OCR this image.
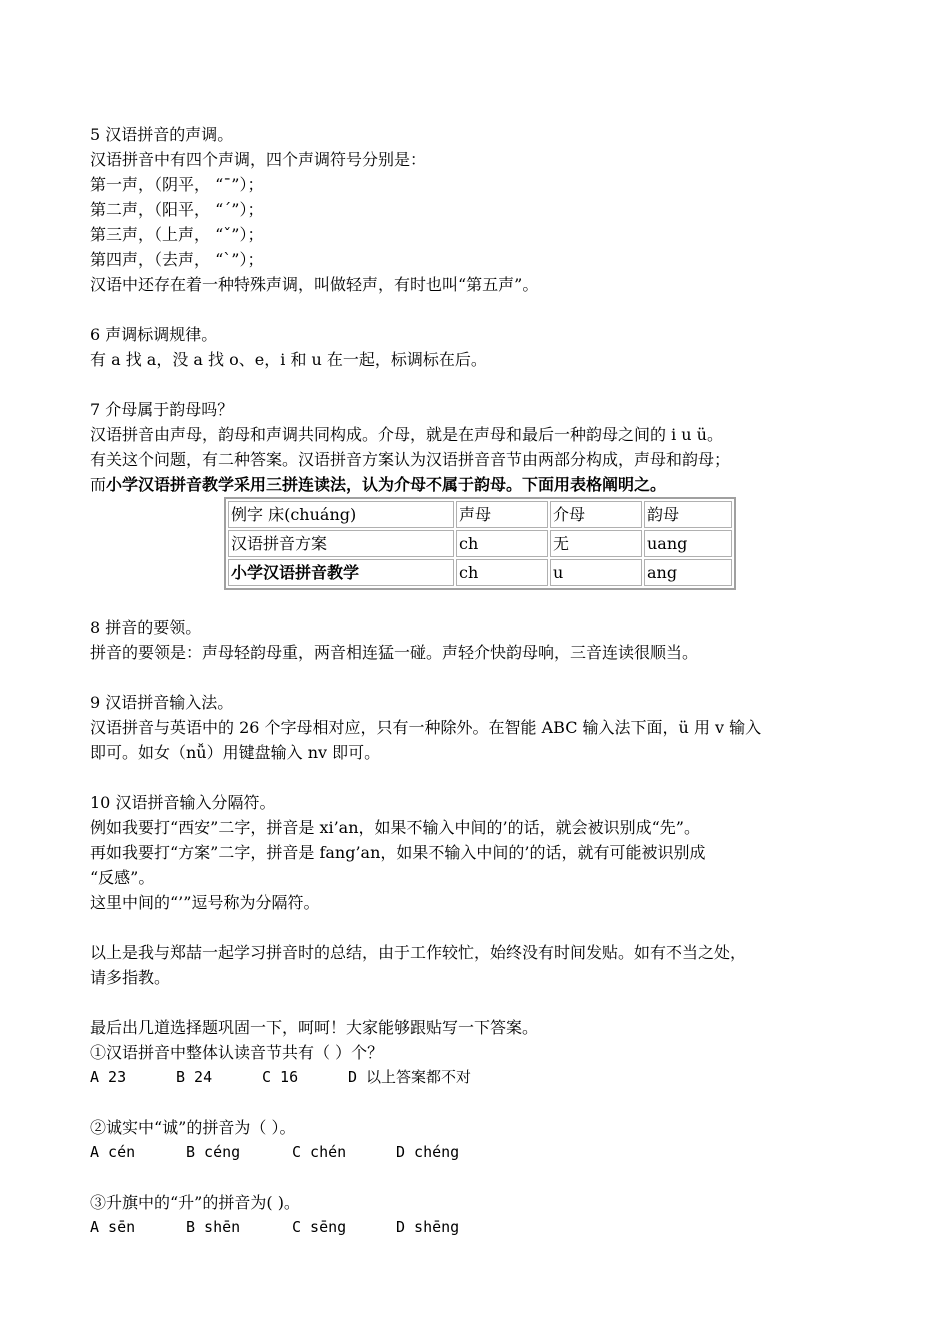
5 汉语拼音的声调。
汉语拼音中有四个声调，四个声调符号分别是：
第一声，（阴平， “ˉ”）；
第二声，（阳平， “ˊ”）；
第三声，（上声， “ˇ”）；
第四声，（去声， “ˋ”）；
汉语中还存在着一种特殊声调，叫做轻声，有时也叫“第五声”。
6 声调标调规律。
有 a 找 a，没 a 找 o、e，i 和 u 在一起，标调标在后。
7 介母属于韵母吗？
汉语拼音由声母，韵母和声调共同构成。介母，就是在声母和最后一种韵母之间的 i u ü。
有关这个问题，有二种答案。汉语拼音方案认为汉语拼音音节由两部分构成，声母和韵母；
而小学汉语拼音教学采用三拼连读法，认为介母不属于韵母。下面用表格阐明之。
例字 床(chuáng)	声母	介母	韵母
汉语拼音方案	ch	无	uang
小学汉语拼音教学	ch	u	ang
8 拼音的要领。
拼音的要领是：声母轻韵母重，两音相连猛一碰。声轻介快韵母响，三音连读很顺当。
9 汉语拼音输入法。
汉语拼音与英语中的 26 个字母相对应，只有一种除外。在智能 ABC 输入法下面，ü 用 v 输入
即可。如女（nǚ）用键盘输入 nv 即可。
10 汉语拼音输入分隔符。
例如我要打“西安”二字，拼音是 xi’an，如果不输入中间的’的话，就会被识别成“先”。
再如我要打“方案”二字，拼音是 fang’an，如果不输入中间的’的话，就有可能被识别成
“反感”。
这里中间的“’”逗号称为分隔符。
以上是我与郑喆一起学习拼音时的总结，由于工作较忙，始终没有时间发贴。如有不当之处，
请多指教。
最后出几道选择题巩固一下，呵呵！大家能够跟贴写一下答案。
①汉语拼音中整体认读音节共有（ ）个？
A 23	B 24	C 16	D 以上答案都不对
②诚实中“诚”的拼音为（ ）。
A cén	B céng	C chén	D chéng
③升旗中的“升”的拼音为( )。
A sēn	B shēn	C sēng	D shēng
